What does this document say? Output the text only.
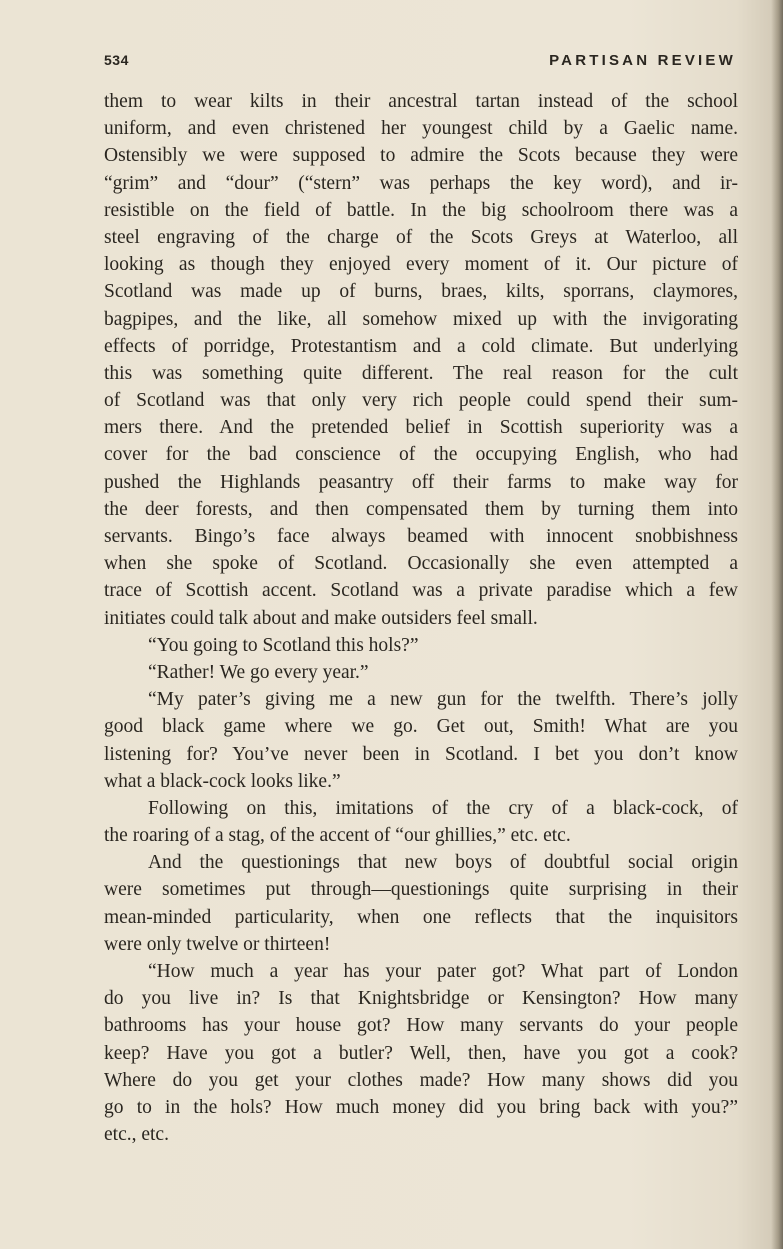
534	PARTISAN REVIEW
them to wear kilts in their ancestral tartan instead of the school
uniform, and even christened her youngest child by a Gaelic name.
Ostensibly we were supposed to admire the Scots because they were
“grim” and “dour” (“stern” was perhaps the key word), and ir-
resistible on the field of battle. In the big schoolroom there was a
steel engraving of the charge of the Scots Greys at Waterloo, all
looking as though they enjoyed every moment of it. Our picture of
Scotland was made up of burns, braes, kilts, sporrans, claymores,
bagpipes, and the like, all somehow mixed up with the invigorating
effects of porridge, Protestantism and a cold climate. But underlying
this was something quite different. The real reason for the cult
of Scotland was that only very rich people could spend their sum-
mers there. And the pretended belief in Scottish superiority was a
cover for the bad conscience of the occupying English, who had
pushed the Highlands peasantry off their farms to make way for
the deer forests, and then compensated them by turning them into
servants. Bingo’s face always beamed with innocent snobbishness
when she spoke of Scotland. Occasionally she even attempted a
trace of Scottish accent. Scotland was a private paradise which a few
initiates could talk about and make outsiders feel small.
“You going to Scotland this hols?”
“Rather! We go every year.”
“My pater’s giving me a new gun for the twelfth. There’s jolly
good black game where we go. Get out, Smith! What are you
listening for? You’ve never been in Scotland. I bet you don’t know
what a black-cock looks like.”
Following on this, imitations of the cry of a black-cock, of
the roaring of a stag, of the accent of “our ghillies,” etc. etc.
And the questionings that new boys of doubtful social origin
were sometimes put through—questionings quite surprising in their
mean-minded particularity, when one reflects that the inquisitors
were only twelve or thirteen!
“How much a year has your pater got? What part of London
do you live in? Is that Knightsbridge or Kensington? How many
bathrooms has your house got? How many servants do your people
keep? Have you got a butler? Well, then, have you got a cook?
Where do you get your clothes made? How many shows did you
go to in the hols? How much money did you bring back with you?”
etc., etc.
